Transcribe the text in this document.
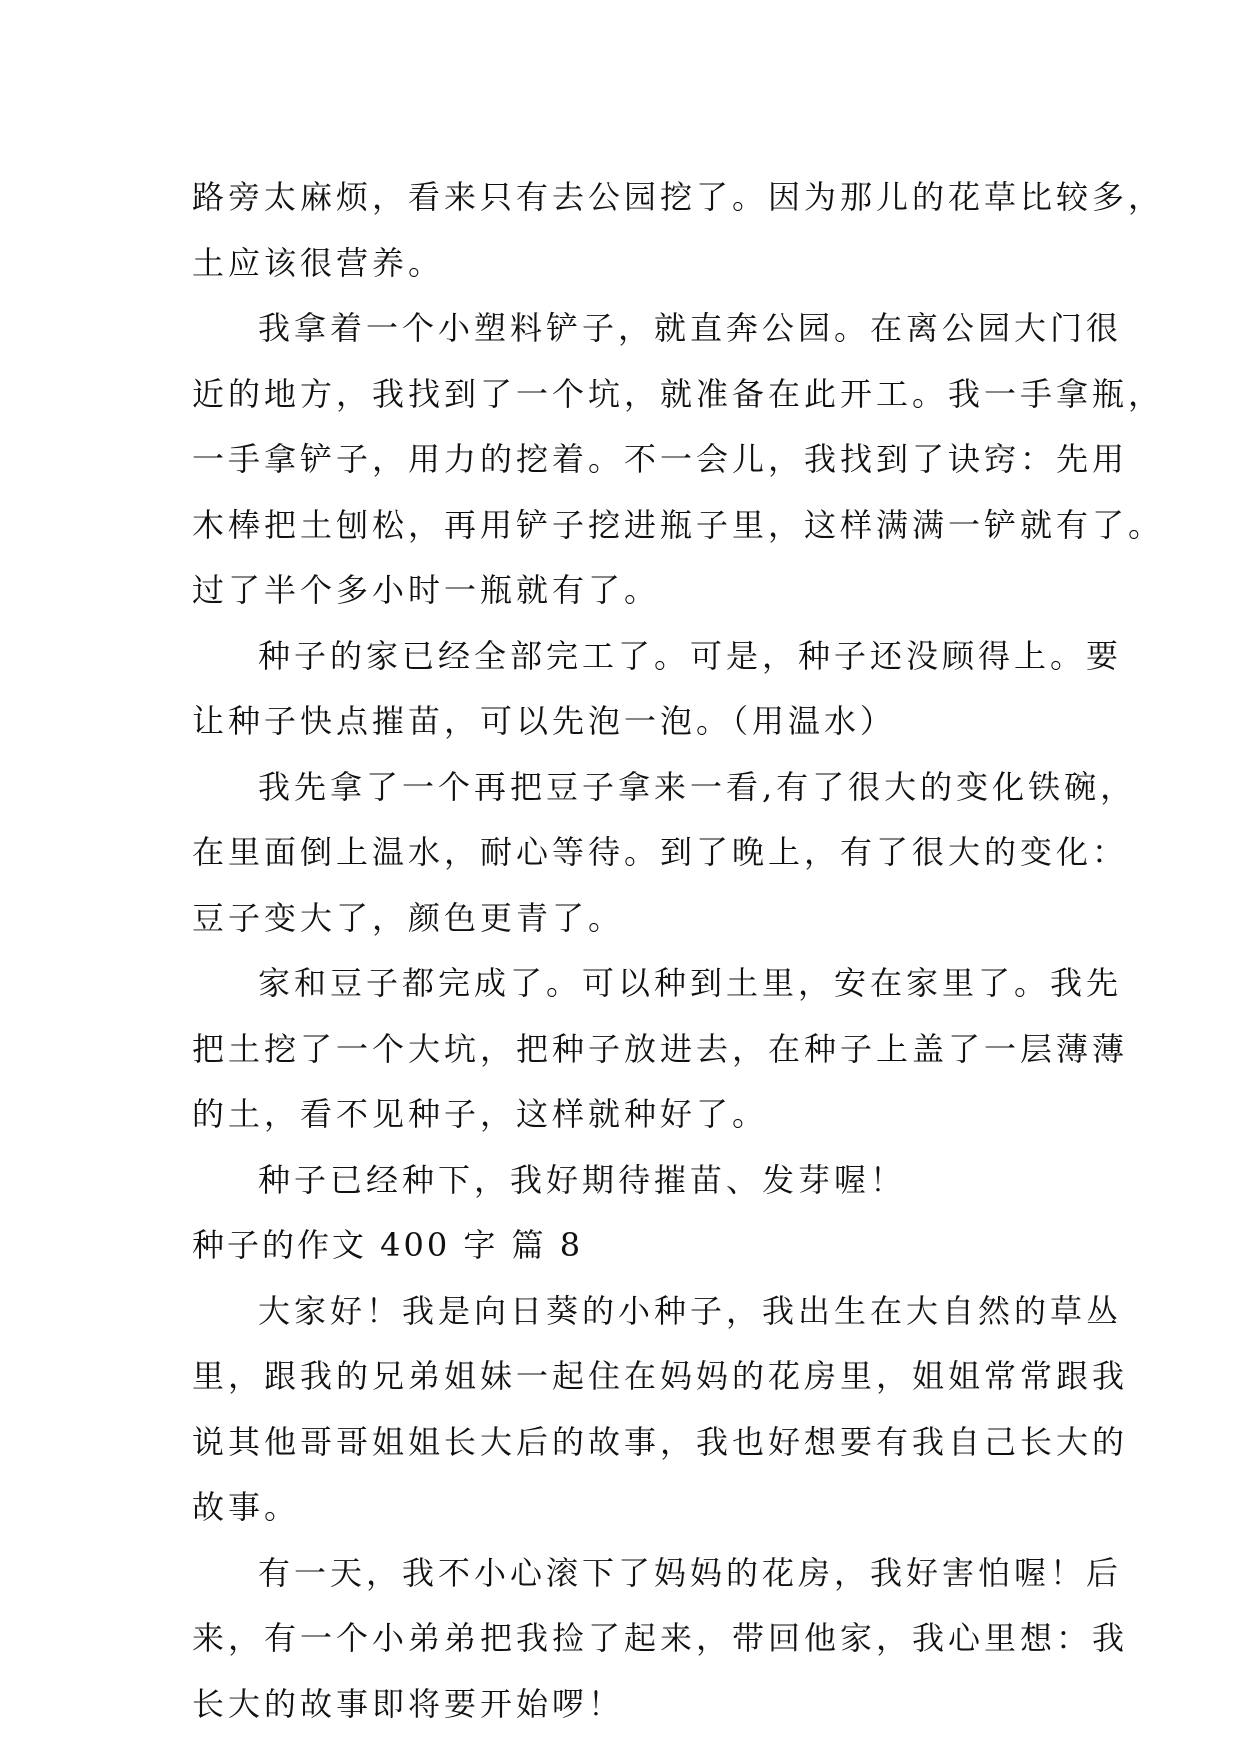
路旁太麻烦，看来只有去公园挖了。因为那儿的花草比较多，
土应该很营养。
我拿着一个小塑料铲子，就直奔公园。在离公园大门很
近的地方，我找到了一个坑，就准备在此开工。我一手拿瓶，
一手拿铲子，用力的挖着。不一会儿，我找到了诀窍：先用
木棒把土刨松，再用铲子挖进瓶子里，这样满满一铲就有了。
过了半个多小时一瓶就有了。
种子的家已经全部完工了。可是，种子还没顾得上。要
让种子快点摧苗，可以先泡一泡。（用温水）
我先拿了一个再把豆子拿来一看,有了很大的变化铁碗，
在里面倒上温水，耐心等待。到了晚上，有了很大的变化：
豆子变大了，颜色更青了。
家和豆子都完成了。可以种到土里，安在家里了。我先
把土挖了一个大坑，把种子放进去，在种子上盖了一层薄薄
的土，看不见种子，这样就种好了。
种子已经种下，我好期待摧苗、发芽喔！
种子的作文 400 字 篇 8
大家好！我是向日葵的小种子，我出生在大自然的草丛
里，跟我的兄弟姐妹一起住在妈妈的花房里，姐姐常常跟我
说其他哥哥姐姐长大后的故事，我也好想要有我自己长大的
故事。
有一天，我不小心滚下了妈妈的花房，我好害怕喔！后
来，有一个小弟弟把我捡了起来，带回他家，我心里想：我
长大的故事即将要开始啰！
